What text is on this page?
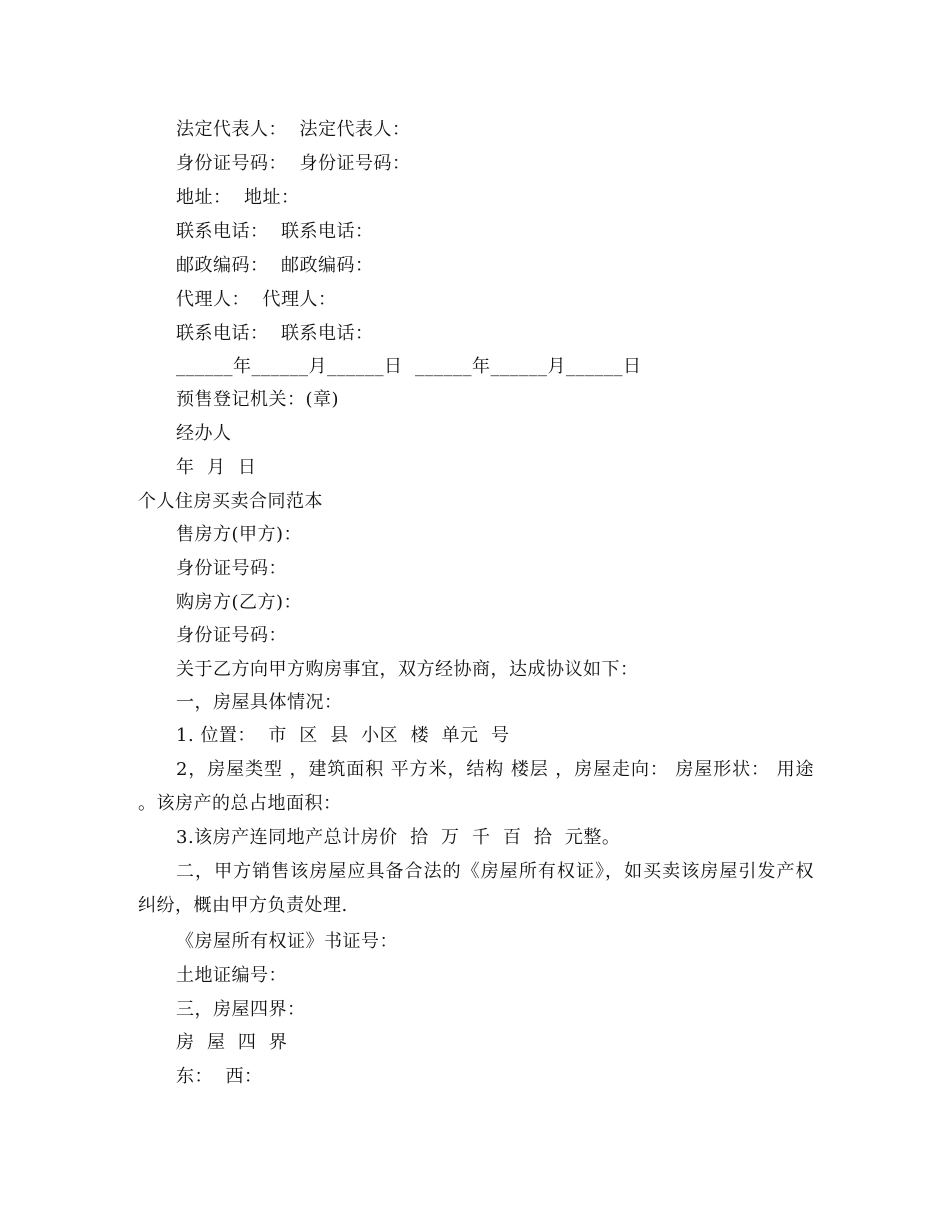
法定代表人：  法定代表人：
身份证号码：  身份证号码：
地址：  地址：
联系电话：  联系电话：
邮政编码：  邮政编码：
代理人：  代理人：
联系电话：  联系电话：
______年______月______日  ______年______月______日
预售登记机关：(章)
经办人
年  月  日
个人住房买卖合同范本
售房方(甲方)：
身份证号码：
购房方(乙方)：
身份证号码：
关于乙方向甲方购房事宜，双方经协商，达成协议如下：
一，房屋具体情况：
1. 位置：  市  区  县  小区  楼  单元  号
2，房屋类型 ，建筑面积 平方米，结构 楼层 ，房屋走向： 房屋形状： 用途 。该房产的总占地面积：
3.该房产连同地产总计房价  拾  万  千  百  拾  元整。
二，甲方销售该房屋应具备合法的《房屋所有权证》，如买卖该房屋引发产权纠纷，概由甲方负责处理.
《房屋所有权证》书证号：
土地证编号：
三，房屋四界：
房  屋  四  界
东：  西：
